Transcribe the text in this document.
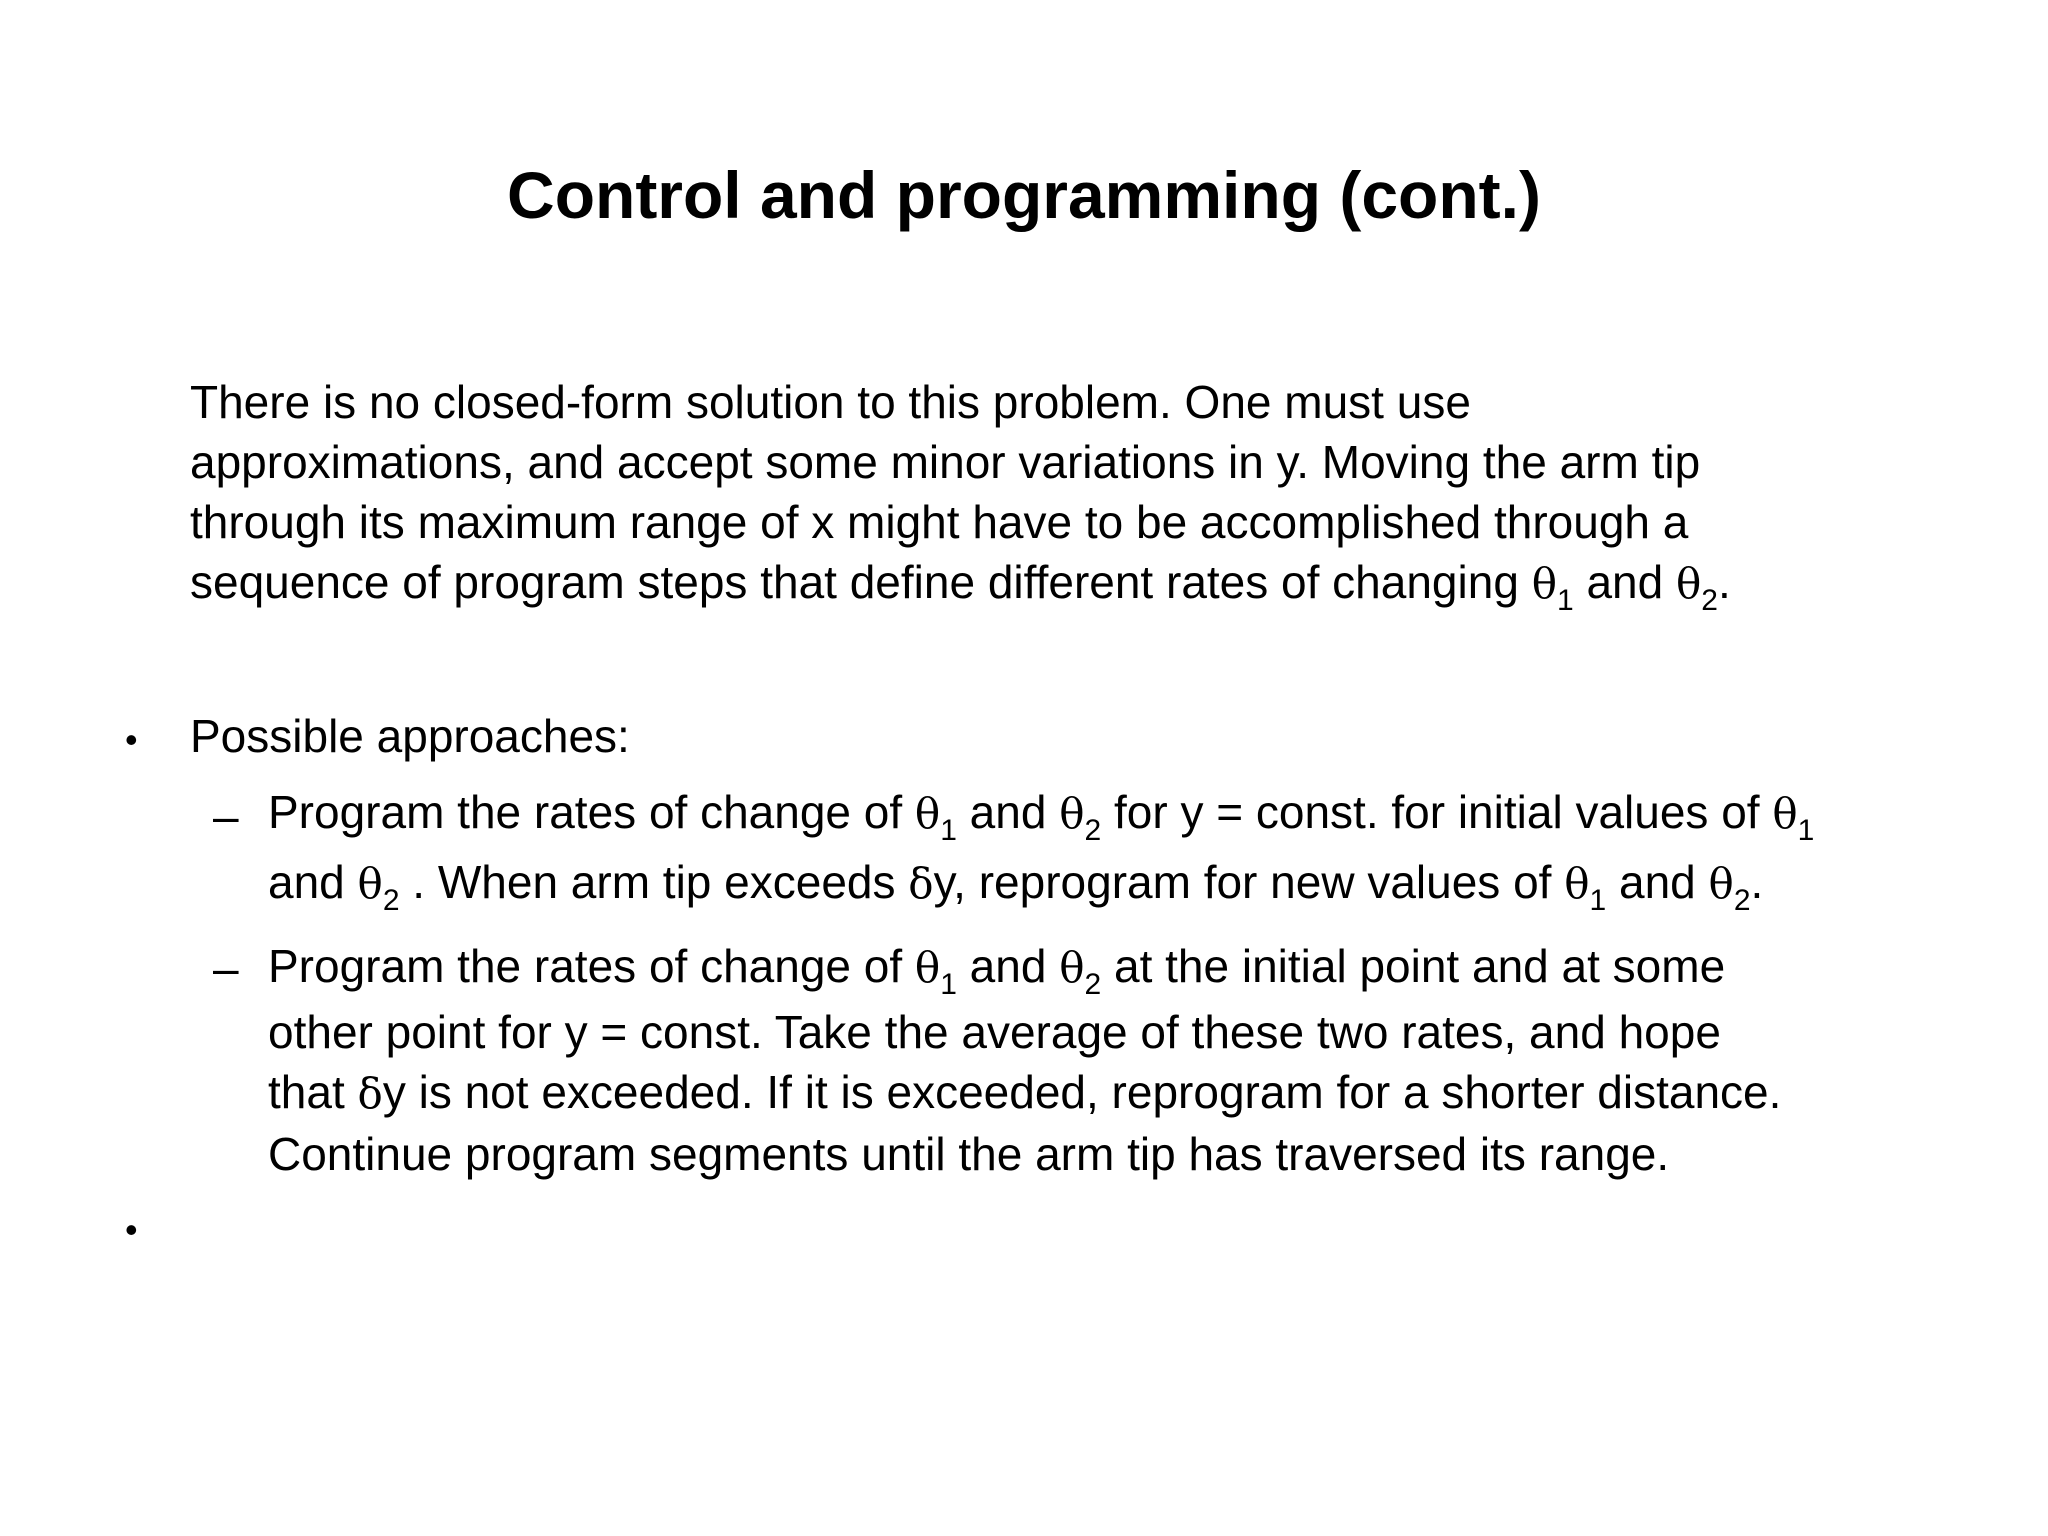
Control and programming (cont.)
There is no closed-form solution to this problem. One must use
approximations, and accept some minor variations in y. Moving the arm tip
through its maximum range of x might have to be accomplished through a
sequence of program steps that define different rates of changing $\theta_1$ and $\theta_2$.
• Possible approaches:
– Program the rates of change of $\theta_1$ and $\theta_2$ for y = const. for initial values of $\theta_1$
and $\theta_2$ . When arm tip exceeds δy, reprogram for new values of $\theta_1$ and $\theta_2$.
– Program the rates of change of $\theta_1$ and $\theta_2$ at the initial point and at some
other point for y = const. Take the average of these two rates, and hope
that δy is not exceeded. If it is exceeded, reprogram for a shorter distance.
Continue program segments until the arm tip has traversed its range.
•
